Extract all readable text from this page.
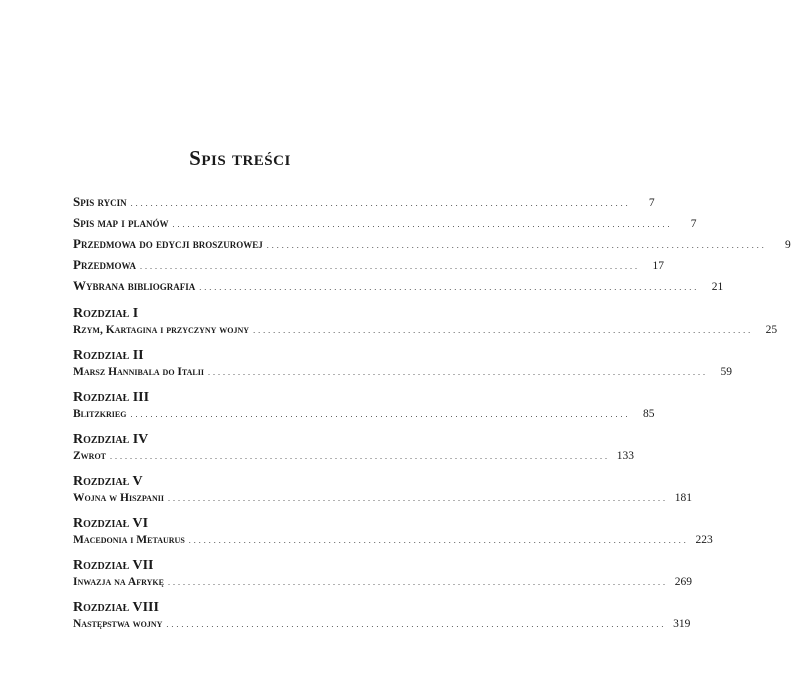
Spis treści
Spis rycin ....................................................................................................	7
Spis map i planów ....................................................................................................	7
Przedmowa do edycji broszurowej ....................................................................................................	9
Przedmowa ....................................................................................................	17
Wybrana bibliografia ....................................................................................................	21
Rozdział I
Rzym, Kartagina i przyczyny wojny ....................................................................................................	25
Rozdział II
Marsz Hannibala do Italii ....................................................................................................	59
Rozdział III
Blitzkrieg ....................................................................................................	85
Rozdział IV
Zwrot .................................................................................................... 133
Rozdział V
Wojna w Hiszpanii .................................................................................................... 181
Rozdział VI
Macedonia i Metaurus .................................................................................................... 223
Rozdział VII
Inwazja na Afrykę .................................................................................................... 269
Rozdział VIII
Następstwa wojny .................................................................................................... 319
